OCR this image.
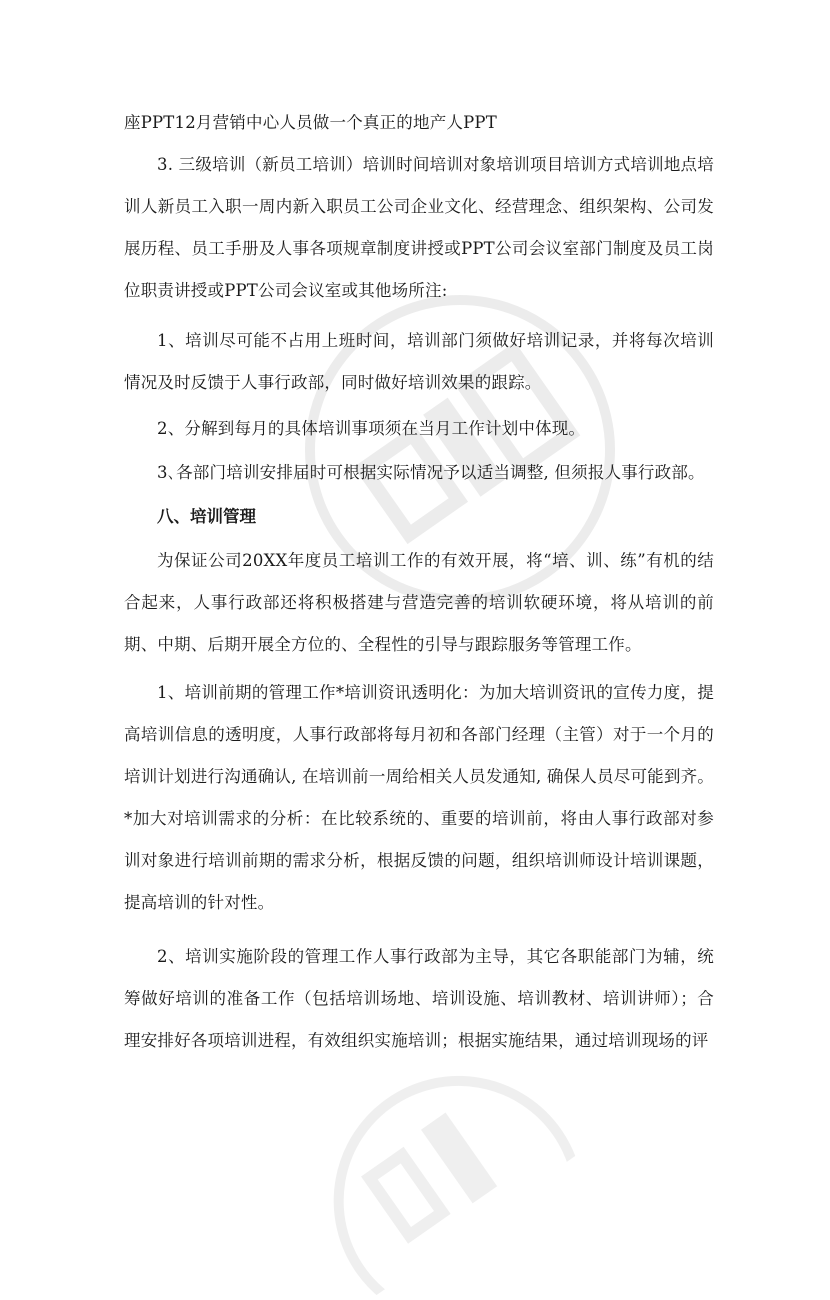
座PPT12月营销中心人员做一个真正的地产人PPT

3. 三级培训（新员工培训）培训时间培训对象培训项目培训方式培训地点培训人新员工入职一周内新入职员工公司企业文化、经营理念、组织架构、公司发展历程、员工手册及人事各项规章制度讲授或PPT公司会议室部门制度及员工岗位职责讲授或PPT公司会议室或其他场所注:

1、培训尽可能不占用上班时间，培训部门须做好培训记录，并将每次培训情况及时反馈于人事行政部，同时做好培训效果的跟踪。

2、分解到每月的具体培训事项须在当月工作计划中体现。

3､各部门培训安排届时可根据实际情况予以适当调整, 但须报人事行政部。

八、培训管理

为保证公司20XX年度员工培训工作的有效开展，将“培、训、练”有机的结合起来，人事行政部还将积极搭建与营造完善的培训软硬环境，将从培训的前期、中期、后期开展全方位的、全程性的引导与跟踪服务等管理工作。

1、培训前期的管理工作*培训资讯透明化：为加大培训资讯的宣传力度，提高培训信息的透明度，人事行政部将每月初和各部门经理（主管）对于一个月的培训计划进行沟通确认, 在培训前一周给相关人员发通知, 确保人员尽可能到齐。*加大对培训需求的分析：在比较系统的、重要的培训前，将由人事行政部对参训对象进行培训前期的需求分析，根据反馈的问题，组织培训师设计培训课题，提高培训的针对性。

2、培训实施阶段的管理工作人事行政部为主导，其它各职能部门为辅，统筹做好培训的准备工作（包括培训场地、培训设施、培训教材、培训讲师）；合理安排好各项培训进程，有效组织实施培训；根据实施结果，通过培训现场的评
